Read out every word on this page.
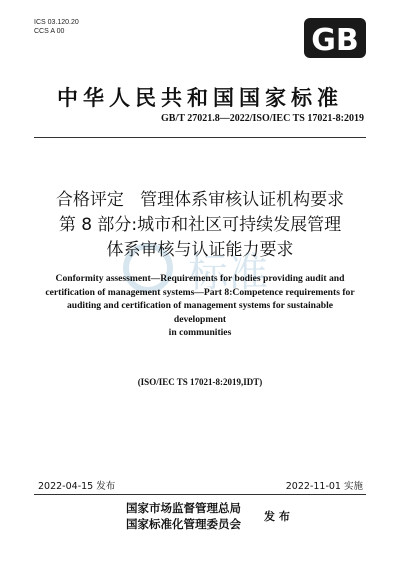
ICS 03.120.20
CCS A 00	GB
中华人民共和国国家标准
GB/T 27021.8—2022/ISO/IEC TS 17021-8:2019
标准
合格评定   管理体系审核认证机构要求
第 8 部分:城市和社区可持续发展管理
体系审核与认证能力要求
Conformity assessment—Requirements for bodies providing audit and
certification of management systems—Part 8:Competence requirements for
auditing and certification of management systems for sustainable development
in communities
(ISO/IEC TS 17021-8:2019,IDT)
2022-04-15 发布	2022-11-01 实施
国家市场监督管理总局
国家标准化管理委员会
发 布
